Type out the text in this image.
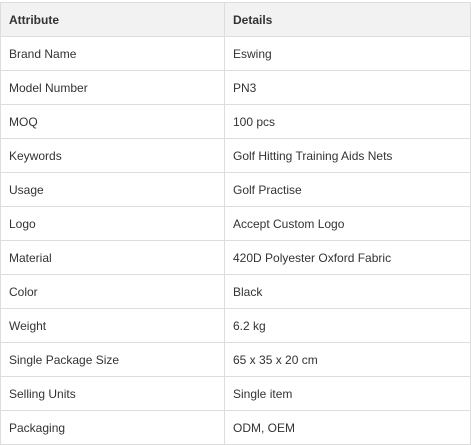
Attribute	Details
Brand Name	Eswing
Model Number	PN3
MOQ	100 pcs
Keywords	Golf Hitting Training Aids Nets
Usage	Golf Practise
Logo	Accept Custom Logo
Material	420D Polyester Oxford Fabric
Color	Black
Weight	6.2 kg
Single Package Size	65 x 35 x 20 cm
Selling Units	Single item
Packaging	ODM, OEM
